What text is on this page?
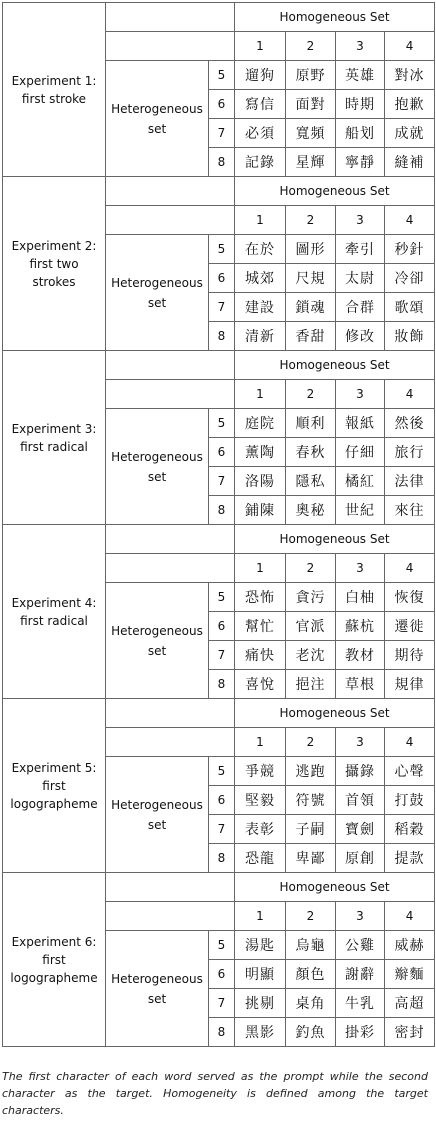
Experiment 1:
first stroke			Homogeneous Set			
			1	2	3	4

	Heterogeneous
set	5	遛狗	原野	英雄	對冰
		6	寫信	面對	時期	抱歉
		7	必須	寬頻	船划	成就
		8	記錄	星輝	寧靜	縫補

Experiment 2:
first two
strokes			Homogeneous Set			
			1	2	3	4

	Heterogeneous
set	5	在於	圖形	牽引	秒針
		6	城郊	尺規	太尉	冷卻
		7	建設	鎖魂	合群	歌頌
		8	清新	香甜	修改	妝飾

Experiment 3:
first radical			Homogeneous Set			
			1	2	3	4

	Heterogeneous
set	5	庭院	順利	報紙	然後
		6	薰陶	春秋	仔細	旅行
		7	洛陽	隱私	橘紅	法律
		8	鋪陳	奧秘	世紀	來往

Experiment 4:
first radical			Homogeneous Set			
			1	2	3	4

	Heterogeneous
set	5	恐怖	貪污	白柚	恢復
		6	幫忙	官派	蘇杭	遷徙
		7	痛快	老沈	教材	期待
		8	喜悅	挹注	草根	規律

Experiment 5:
first
logographeme			Homogeneous Set			
			1	2	3	4

	Heterogeneous
set	5	爭競	逃跑	攝錄	心聲
		6	堅毅	符號	首領	打鼓
		7	表彰	子嗣	寶劍	稻穀
		8	恐龍	卑鄙	原創	提款

Experiment 6:
first
logographeme			Homogeneous Set			
			1	2	3	4

	Heterogeneous
set	5	湯匙	烏龜	公雞	威赫
		6	明顯	顏色	謝辭	辮麵
		7	挑剔	桌角	牛乳	高超
		8	黑影	釣魚	掛彩	密封

The first character of each word served as the prompt while the second character as the target. Homogeneity is defined among the target characters.
